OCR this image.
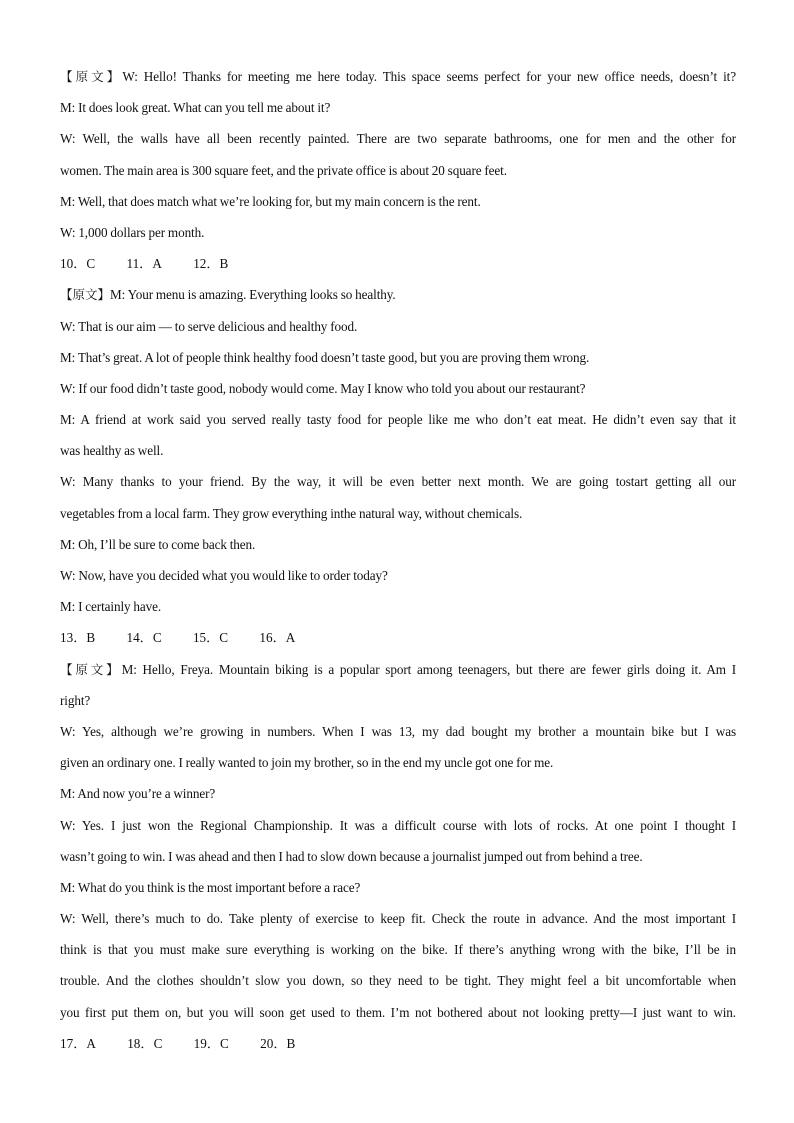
【原文】W: Hello! Thanks for meeting me here today. This space seems perfect for your new office needs, doesn’t it?
M: It does look great. What can you tell me about it?
W: Well, the walls have all been recently painted. There are two separate bathrooms, one for men and the other for
women. The main area is 300 square feet, and the private office is about 20 square feet.
M: Well, that does match what we’re looking for, but my main concern is the rent.
W: 1,000 dollars per month.
10．C 11．A 12．B
【原文】M: Your menu is amazing. Everything looks so healthy.
W: That is our aim — to serve delicious and healthy food.
M: That’s great. A lot of people think healthy food doesn’t taste good, but you are proving them wrong.
W: If our food didn’t taste good, nobody would come. May I know who told you about our restaurant?
M: A friend at work said you served really tasty food for people like me who don’t eat meat. He didn’t even say that it
was healthy as well.
W: Many thanks to your friend. By the way, it will be even better next month. We are going tostart getting all our
vegetables from a local farm. They grow everything inthe natural way, without chemicals.
M: Oh, I’ll be sure to come back then.
W: Now, have you decided what you would like to order today?
M: I certainly have.
13．B 14．C 15．C 16．A
【原文】M: Hello, Freya. Mountain biking is a popular sport among teenagers, but there are fewer girls doing it. Am I
right?
W: Yes, although we’re growing in numbers. When I was 13, my dad bought my brother a mountain bike but I was
given an ordinary one. I really wanted to join my brother, so in the end my uncle got one for me.
M: And now you’re a winner?
W: Yes. I just won the Regional Championship. It was a difficult course with lots of rocks. At one point I thought I
wasn’t going to win. I was ahead and then I had to slow down because a journalist jumped out from behind a tree.
M: What do you think is the most important before a race?
W: Well, there’s much to do. Take plenty of exercise to keep fit. Check the route in advance. And the most important I
think is that you must make sure everything is working on the bike. If there’s anything wrong with the bike, I’ll be in
trouble. And the clothes shouldn’t slow you down, so they need to be tight. They might feel a bit uncomfortable when
you first put them on, but you will soon get used to them. I’m not bothered about not looking pretty—I just want to win.
17．A 18．C 19．C 20．B
